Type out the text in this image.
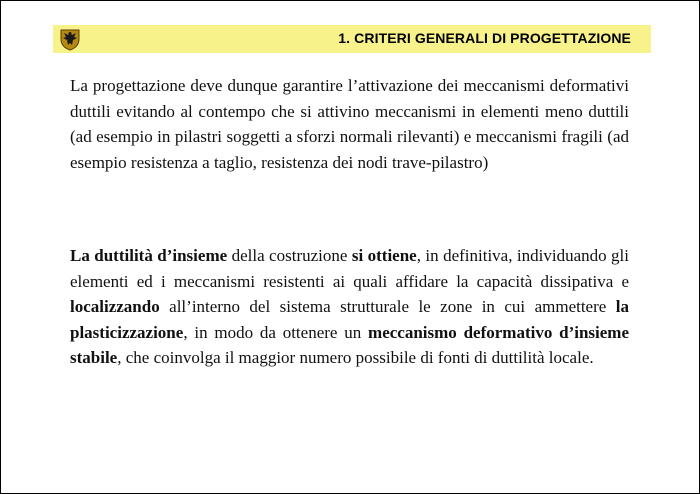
1. CRITERI GENERALI DI PROGETTAZIONE

La progettazione deve dunque garantire l’attivazione dei meccanismi deformativi duttili evitando al contempo che si attivino meccanismi in elementi meno duttili (ad esempio in pilastri soggetti a sforzi normali rilevanti) e meccanismi fragili (ad esempio resistenza a taglio, resistenza dei nodi trave-pilastro)

La duttilità d’insieme della costruzione si ottiene, in definitiva, individuando gli elementi ed i meccanismi resistenti ai quali affidare la capacità dissipativa e localizzando all’interno del sistema strutturale le zone in cui ammettere la plasticizzazione, in modo da ottenere un meccanismo deformativo d’insieme stabile, che coinvolga il maggior numero possibile di fonti di duttilità locale.
